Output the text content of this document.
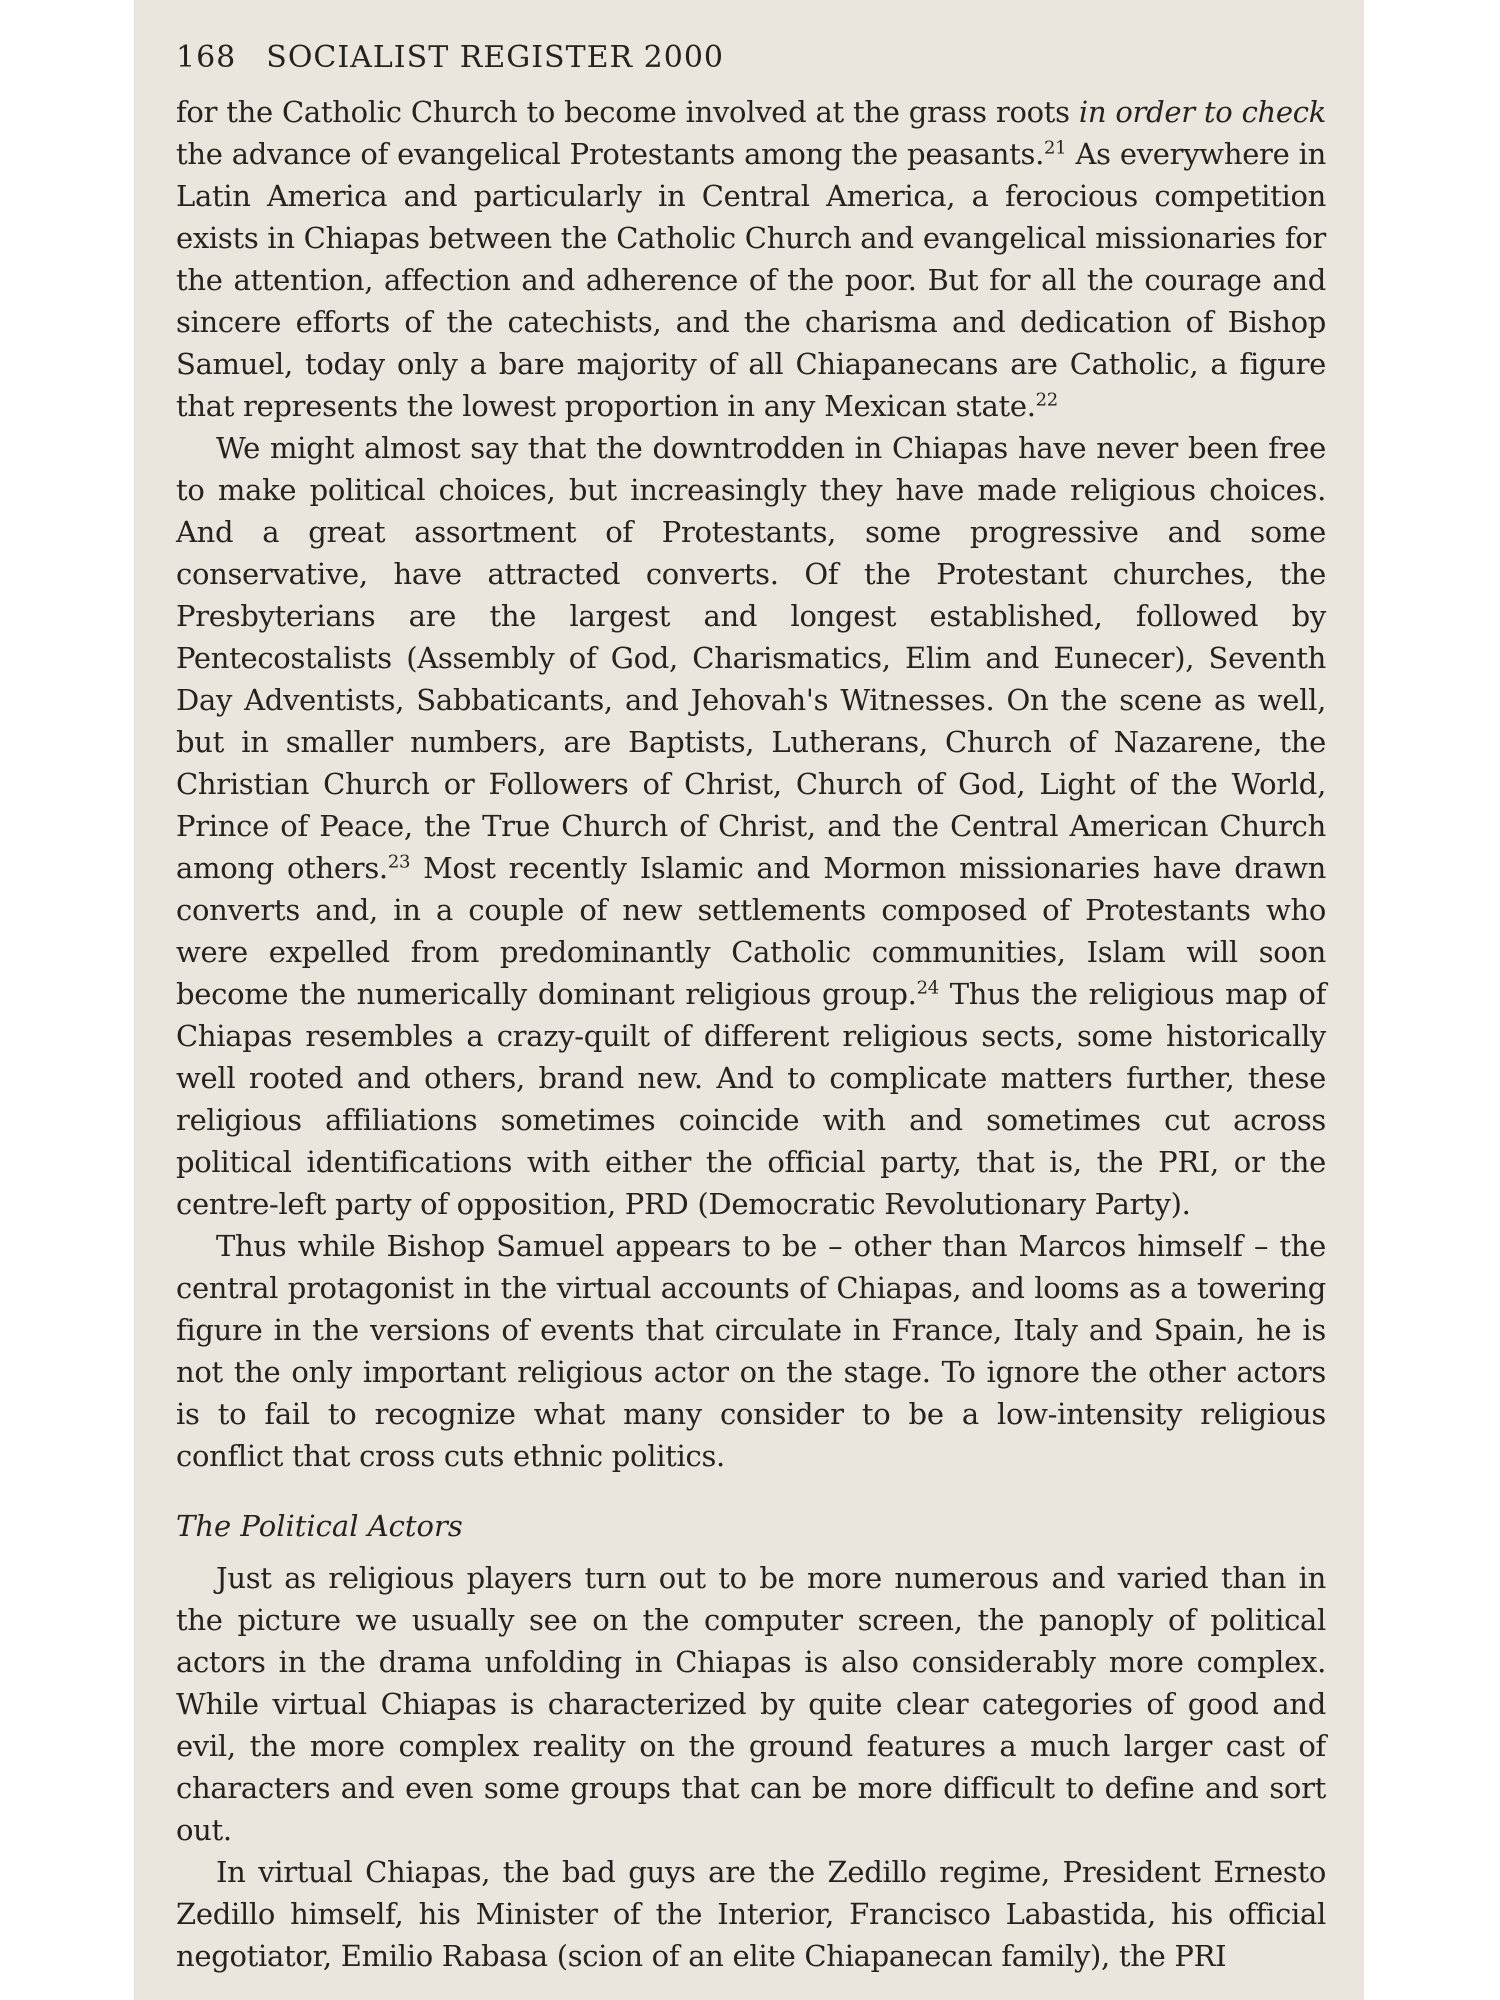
168 SOCIALIST REGISTER 2000

for the Catholic Church to become involved at the grass roots in order to check the advance of evangelical Protestants among the peasants.$^{21}$ As everywhere in Latin America and particularly in Central America, a ferocious competition exists in Chiapas between the Catholic Church and evangelical missionaries for the attention, affection and adherence of the poor. But for all the courage and sincere efforts of the catechists, and the charisma and dedication of Bishop Samuel, today only a bare majority of all Chiapanecans are Catholic, a figure that represents the lowest proportion in any Mexican state.$^{22}$

We might almost say that the downtrodden in Chiapas have never been free to make political choices, but increasingly they have made religious choices. And a great assortment of Protestants, some progressive and some conservative, have attracted converts. Of the Protestant churches, the Presbyterians are the largest and longest established, followed by Pentecostalists (Assembly of God, Charismatics, Elim and Eunecer), Seventh Day Adventists, Sabbaticants, and Jehovah's Witnesses. On the scene as well, but in smaller numbers, are Baptists, Lutherans, Church of Nazarene, the Christian Church or Followers of Christ, Church of God, Light of the World, Prince of Peace, the True Church of Christ, and the Central American Church among others.$^{23}$ Most recently Islamic and Mormon missionaries have drawn converts and, in a couple of new settlements composed of Protestants who were expelled from predominantly Catholic communities, Islam will soon become the numerically dominant religious group.$^{24}$ Thus the religious map of Chiapas resembles a crazy-quilt of different religious sects, some historically well rooted and others, brand new. And to complicate matters further, these religious affiliations sometimes coincide with and sometimes cut across political identifications with either the official party, that is, the PRI, or the centre-left party of opposition, PRD (Democratic Revolutionary Party).

Thus while Bishop Samuel appears to be – other than Marcos himself – the central protagonist in the virtual accounts of Chiapas, and looms as a towering figure in the versions of events that circulate in France, Italy and Spain, he is not the only important religious actor on the stage. To ignore the other actors is to fail to recognize what many consider to be a low-intensity religious conflict that cross cuts ethnic politics.

The Political Actors

Just as religious players turn out to be more numerous and varied than in the picture we usually see on the computer screen, the panoply of political actors in the drama unfolding in Chiapas is also considerably more complex. While virtual Chiapas is characterized by quite clear categories of good and evil, the more complex reality on the ground features a much larger cast of characters and even some groups that can be more difficult to define and sort out.

In virtual Chiapas, the bad guys are the Zedillo regime, President Ernesto Zedillo himself, his Minister of the Interior, Francisco Labastida, his official negotiator, Emilio Rabasa (scion of an elite Chiapanecan family), the PRI
